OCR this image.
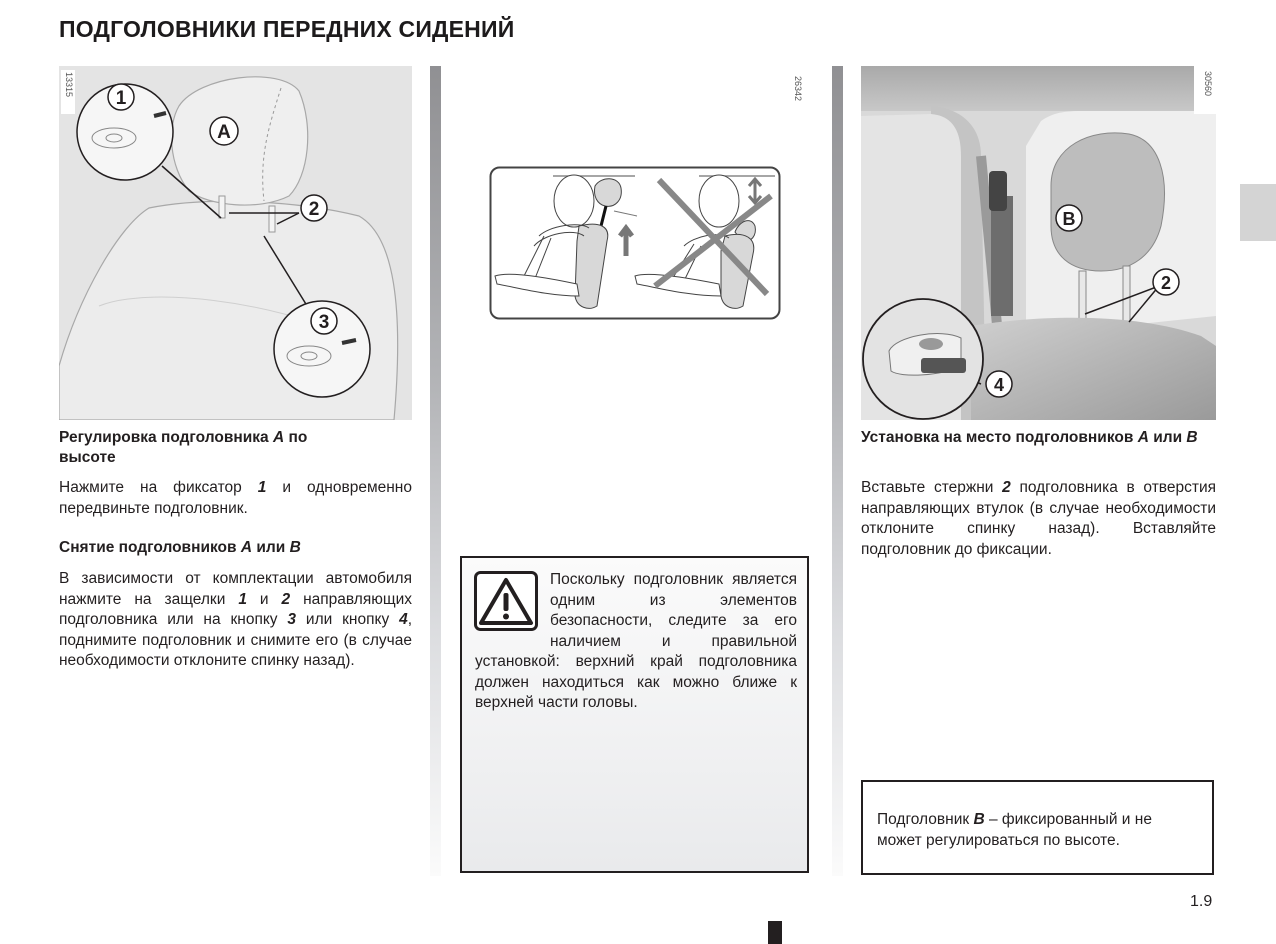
ПОДГОЛОВНИКИ ПЕРЕДНИХ СИДЕНИЙ
1
A
2
3
13315
Регулировка подголовника A по высоте
Нажмите на фиксатор 1 и одновременно передвиньте подголовник.
Снятие подголовников A или B
В зависимости от комплектации автомобиля нажмите на защелки 1 и 2 направляющих подголовника или на кнопку 3 или кнопку 4, поднимите подголовник и снимите его (в случае необходимости отклоните спинку назад).
26342
Поскольку подголовник является одним из элементов безопасности, следите за его наличием и правильной установкой: верхний край подголовника должен находиться как можно ближе к верхней части головы.
B
2
4
30560
Установка на место подголовников A или B
Вставьте стержни 2 подголовника в отверстия направляющих втулок (в случае необходимости отклоните спинку назад). Вставляйте подголовник до фиксации.
Подголовник B – фиксированный и не может регулироваться по высоте.
1.9
